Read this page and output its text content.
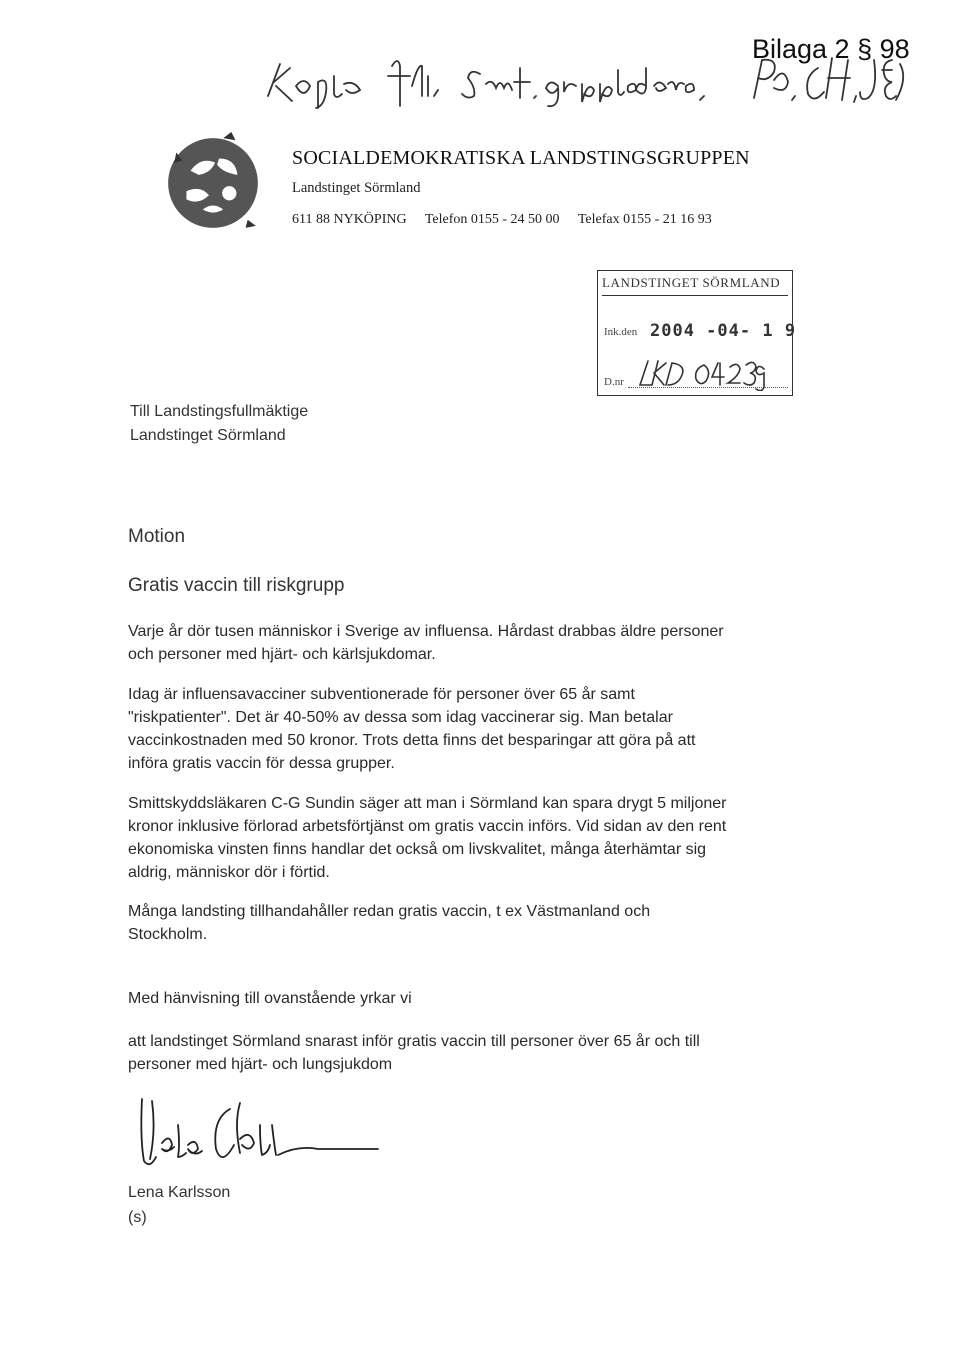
Bilaga 2 § 98
SOCIALDEMOKRATISKA LANDSTINGSGRUPPEN
Landstinget Sörmland
611 88 NYKÖPING Telefon 0155 - 24 50 00 Telefax 0155 - 21 16 93
LANDSTINGET SÖRMLAND
Ink.den 2004 -04- 1 9
D.nr
Till Landstingsfullmäktige
Landstinget Sörmland
Motion
Gratis vaccin till riskgrupp
Varje år dör tusen människor i Sverige av influensa. Hårdast drabbas äldre personer
och personer med hjärt- och kärlsjukdomar.
Idag är influensavacciner subventionerade för personer över 65 år samt
"riskpatienter". Det är 40-50% av dessa som idag vaccinerar sig. Man betalar
vaccinkostnaden med 50 kronor. Trots detta finns det besparingar att göra på att
införa gratis vaccin för dessa grupper.
Smittskyddsläkaren C-G Sundin säger att man i Sörmland kan spara drygt 5 miljoner
kronor inklusive förlorad arbetsförtjänst om gratis vaccin införs. Vid sidan av den rent
ekonomiska vinsten finns handlar det också om livskvalitet, många återhämtar sig
aldrig, människor dör i förtid.
Många landsting tillhandahåller redan gratis vaccin, t ex Västmanland och
Stockholm.
Med hänvisning till ovanstående yrkar vi
att landstinget Sörmland snarast inför gratis vaccin till personer över 65 år och till
personer med hjärt- och lungsjukdom
Lena Karlsson
(s)
